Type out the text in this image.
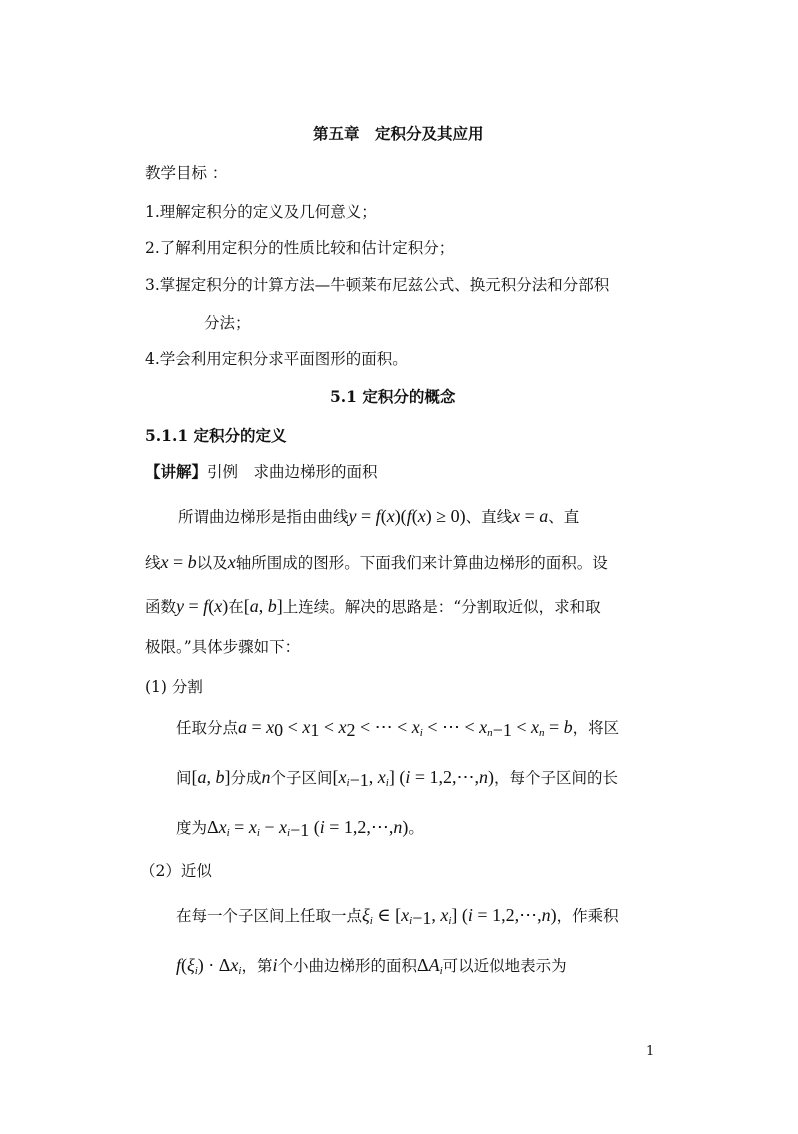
第五章　定积分及其应用
教学目标 ：
1.理解定积分的定义及几何意义；
2.了解利用定积分的性质比较和估计定积分；
3.掌握定积分的计算方法—牛顿莱布尼兹公式、换元积分法和分部积
分法；
4.学会利用定积分求平面图形的面积。
5.1 定积分的概念
5.1.1 定积分的定义
【讲解】引例　求曲边梯形的面积
所谓曲边梯形是指由曲线y = f(x)(f(x) ≥ 0)、直线x = a、直
线x = b以及x轴所围成的图形。下面我们来计算曲边梯形的面积。设
函数y = f(x)在[a, b]上连续。解决的思路是：“分割取近似，求和取
极限。”具体步骤如下：
(1) 分割
任取分点$a = x_0 < x_1 < x_2$ < ⋯ < $x_i$ < ⋯ < $x_{n-1} < x_n = b$，将区
间[a, b]分成n个子区间[$x_{i-1}$, $x_i$] (i = 1,2,⋯,n)，每个子区间的长
度为$\Delta x_i = x_i - x_{i-1}$ (i = 1,2,⋯,n)。
（2）近似
在每一个子区间上任取一点$\xi_i$ ∈ [$x_{i-1}$, $x_i$] (i = 1,2,⋯,n)，作乘积
$f(\xi_i) \cdot \Delta x_i$，第i个小曲边梯形的面积$\Delta A_i$可以近似地表示为
1
